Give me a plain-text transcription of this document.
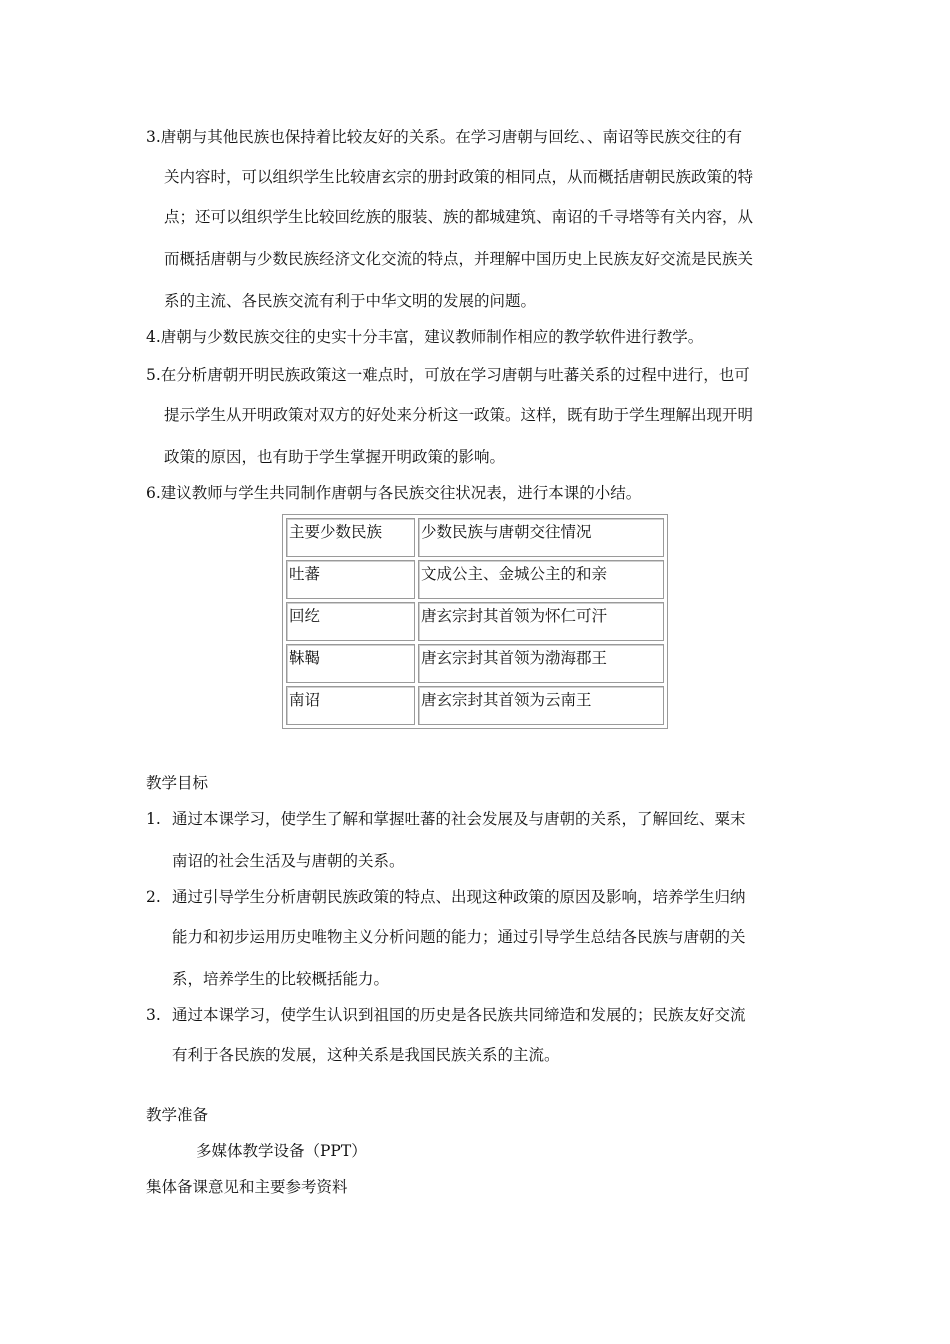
3.唐朝与其他民族也保持着比较友好的关系。在学习唐朝与回纥、、南诏等民族交往的有

关内容时，可以组织学生比较唐玄宗的册封政策的相同点，从而概括唐朝民族政策的特

点；还可以组织学生比较回纥族的服装、族的都城建筑、南诏的千寻塔等有关内容，从

而概括唐朝与少数民族经济文化交流的特点，并理解中国历史上民族友好交流是民族关

系的主流、各民族交流有利于中华文明的发展的问题。

4.唐朝与少数民族交往的史实十分丰富，建议教师制作相应的教学软件进行教学。

5.在分析唐朝开明民族政策这一难点时，可放在学习唐朝与吐蕃关系的过程中进行，也可

提示学生从开明政策对双方的好处来分析这一政策。这样，既有助于学生理解出现开明

政策的原因，也有助于学生掌握开明政策的影响。

6.建议教师与学生共同制作唐朝与各民族交往状况表，进行本课的小结。

主要少数民族	少数民族与唐朝交往情况
吐蕃	文成公主、金城公主的和亲
回纥	唐玄宗封其首领为怀仁可汗
靺鞨	唐玄宗封其首领为渤海郡王
南诏	唐玄宗封其首领为云南王

教学目标

1. 通过本课学习，使学生了解和掌握吐蕃的社会发展及与唐朝的关系，了解回纥、粟末

南诏的社会生活及与唐朝的关系。

2. 通过引导学生分析唐朝民族政策的特点、出现这种政策的原因及影响，培养学生归纳

能力和初步运用历史唯物主义分析问题的能力；通过引导学生总结各民族与唐朝的关

系，培养学生的比较概括能力。

3. 通过本课学习，使学生认识到祖国的历史是各民族共同缔造和发展的；民族友好交流

有利于各民族的发展，这种关系是我国民族关系的主流。

教学准备

多媒体教学设备（PPT）

集体备课意见和主要参考资料
